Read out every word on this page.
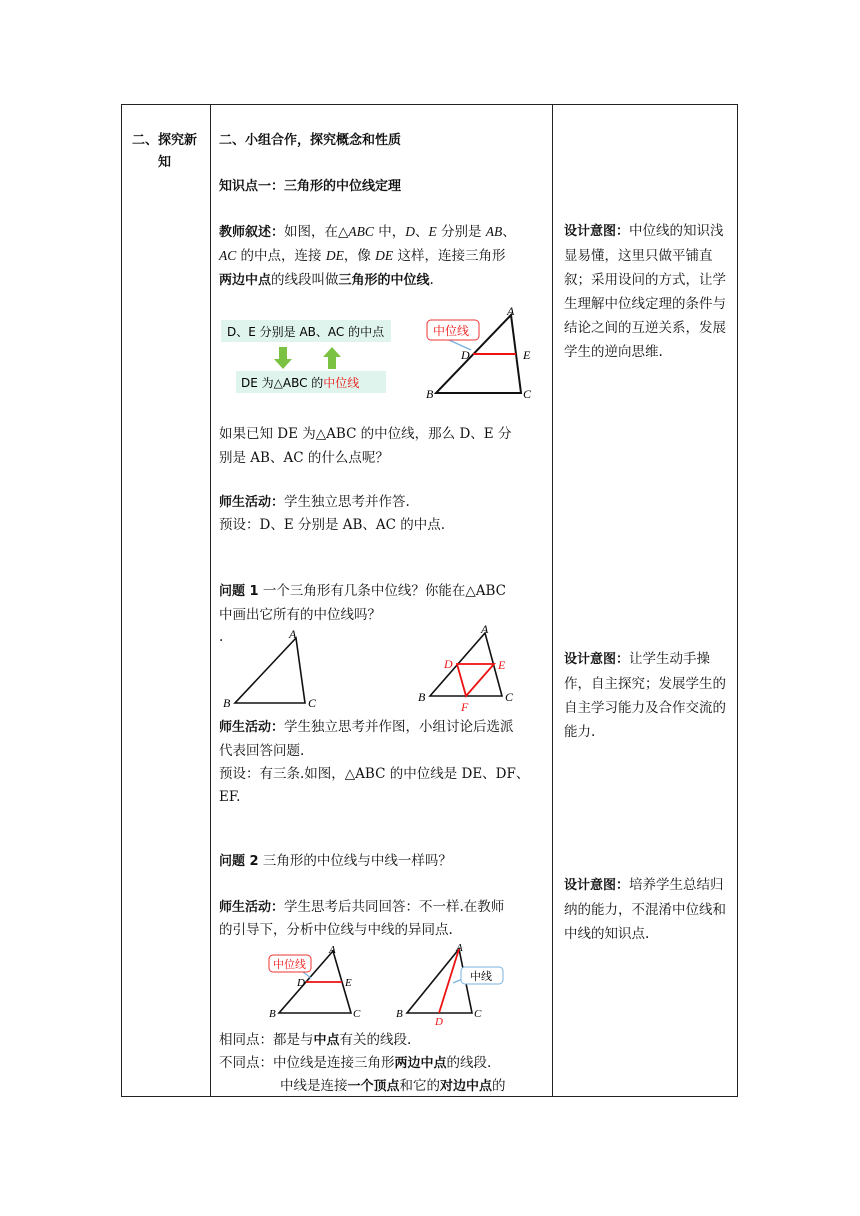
二、探究新
知
二、小组合作，探究概念和性质
知识点一：三角形的中位线定理
教师叙述：如图，在△ABC 中，D、E 分别是 AB、
AC 的中点，连接 DE，像 DE 这样，连接三角形
两边中点的线段叫做三角形的中位线.
D、E 分别是 AB、AC 的中点
DE 为△ABC 的中位线
中位线
A
B	C
D	E
如果已知 DE 为△ABC 的中位线，那么 D、E 分
别是 AB、AC 的什么点呢？
师生活动：学生独立思考并作答.
预设：D、E 分别是 AB、AC 的中点.
问题 1 一个三角形有几条中位线？你能在△ABC
中画出它所有的中位线吗？
.	A
B	C
A
B	C
D	E
F
师生活动：学生独立思考并作图，小组讨论后选派
代表回答问题.
预设：有三条.如图，△ABC 的中位线是 DE、DF、
EF.
问题 2 三角形的中位线与中线一样吗？
师生活动：学生思考后共同回答：不一样.在教师
的引导下，分析中位线与中线的异同点.
中位线
A
B	C
D	E	中线
A
B	C
D
相同点：都是与中点有关的线段.
不同点：中位线是连接三角形两边中点的线段.
中线是连接一个顶点和它的对边中点的
设计意图：中位线的知识浅显易懂，这里只做平铺直叙；采用设问的方式，让学生理解中位线定理的条件与结论之间的互逆关系，发展学生的逆向思维.
设计意图：让学生动手操作，自主探究；发展学生的自主学习能力及合作交流的能力.
设计意图：培养学生总结归纳的能力，不混淆中位线和中线的知识点.
